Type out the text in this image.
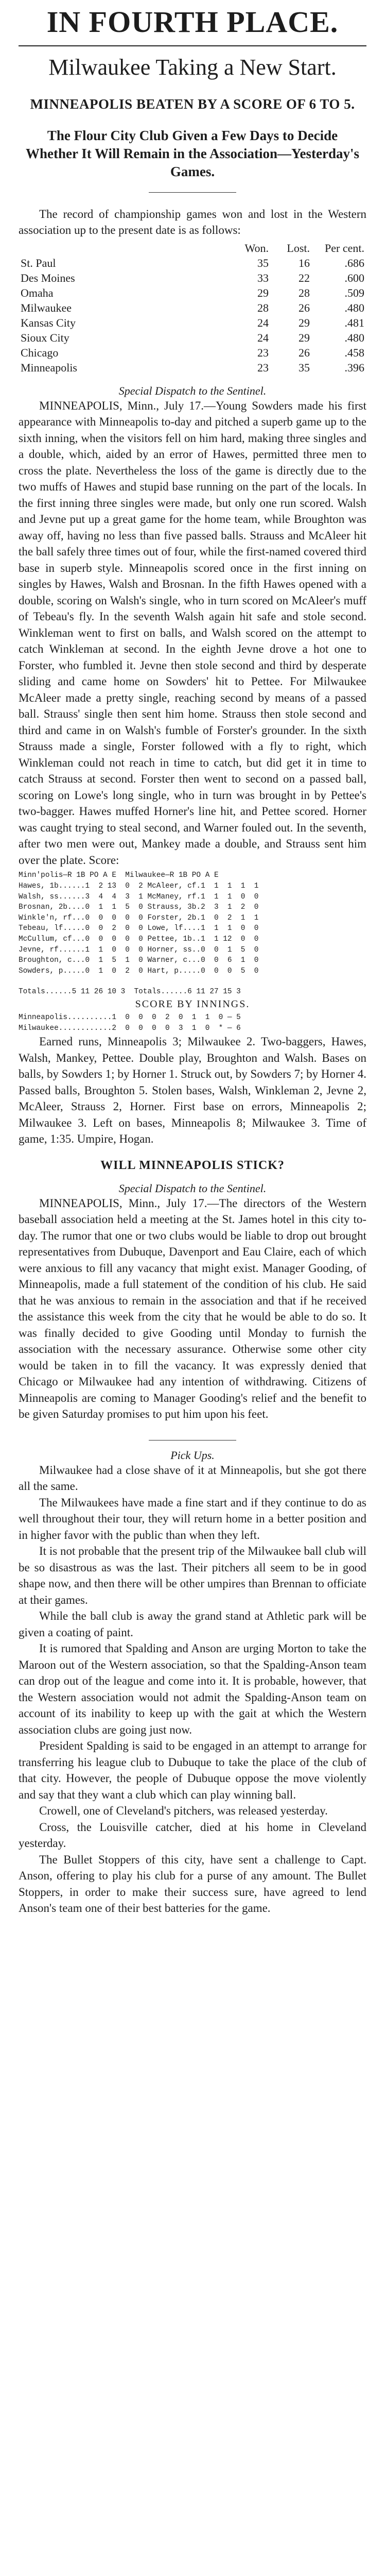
IN FOURTH PLACE.
Milwaukee Taking a New Start.
MINNEAPOLIS BEATEN BY A SCORE OF 6 TO 5.
The Flour City Club Given a Few Days to Decide Whether It Will Remain in the Association—Yesterday's Games.

The record of championship games won and lost in the Western association up to the present date is as follows:

	Won.	Lost.	Per cent.
St. Paul	35	16	.686
Des Moines	33	22	.600
Omaha	29	28	.509
Milwaukee	28	26	.480
Kansas City	24	29	.481
Sioux City	24	29	.480
Chicago	23	26	.458
Minneapolis	23	35	.396
Special Dispatch to the Sentinel.

MINNEAPOLIS, Minn., July 17.—Young Sowders made his first appearance with Minneapolis to-day and pitched a superb game up to the sixth inning, when the visitors fell on him hard, making three singles and a double, which, aided by an error of Hawes, permitted three men to cross the plate. Nevertheless the loss of the game is directly due to the two muffs of Hawes and stupid base running on the part of the locals. In the first inning three singles were made, but only one run scored. Walsh and Jevne put up a great game for the home team, while Broughton was away off, having no less than five passed balls. Strauss and McAleer hit the ball safely three times out of four, while the first-named covered third base in superb style. Minneapolis scored once in the first inning on singles by Hawes, Walsh and Brosnan. In the fifth Hawes opened with a double, scoring on Walsh's single, who in turn scored on McAleer's muff of Tebeau's fly. In the seventh Walsh again hit safe and stole second. Winkleman went to first on balls, and Walsh scored on the attempt to catch Winkleman at second. In the eighth Jevne drove a hot one to Forster, who fumbled it. Jevne then stole second and third by desperate sliding and came home on Sowders' hit to Pettee. For Milwaukee McAleer made a pretty single, reaching second by means of a passed ball. Strauss' single then sent him home. Strauss then stole second and third and came in on Walsh's fumble of Forster's grounder. In the sixth Strauss made a single, Forster followed with a fly to right, which Winkleman could not reach in time to catch, but did get it in time to catch Strauss at second. Forster then went to second on a passed ball, scoring on Lowe's long single, who in turn was brought in by Pettee's two-bagger. Hawes muffed Horner's line hit, and Pettee scored. Horner was caught trying to steal second, and Warner fouled out. In the seventh, after two men were out, Mankey made a double, and Strauss sent him over the plate. Score:

Minn'polis—R 1B PO A E  Milwaukee—R 1B PO A E
Hawes, 1b......1  2 13  0  2 McAleer, cf.1  1  1  1  1
Walsh, ss......3  4  4  3  1 McManey, rf.1  1  1  0  0
Brosnan, 2b....0  1  1  5  0 Strauss, 3b.2  3  1  2  0
Winkle'n, rf...0  0  0  0  0 Forster, 2b.1  0  2  1  1
Tebeau, lf.....0  0  2  0  0 Lowe, lf....1  1  1  0  0
McCullum, cf...0  0  0  0  0 Pettee, 1b..1  1 12  0  0
Jevne, rf......1  1  0  0  0 Horner, ss..0  0  1  5  0
Broughton, c...0  1  5  1  0 Warner, c...0  0  6  1  0
Sowders, p.....0  1  0  2  0 Hart, p.....0  0  0  5  0
Totals......5 11 26 10 3  Totals......6 11 27 15 3
SCORE BY INNINGS.
Minneapolis..........1  0  0  0  2  0  1  1  0 — 5
Milwaukee............2  0  0  0  0  3  1  0  * — 6

Earned runs, Minneapolis 3; Milwaukee 2. Two-baggers, Hawes, Walsh, Mankey, Pettee. Double play, Broughton and Walsh. Bases on balls, by Sowders 1; by Horner 1. Struck out, by Sowders 7; by Horner 4. Passed balls, Broughton 5. Stolen bases, Walsh, Winkleman 2, Jevne 2, McAleer, Strauss 2, Horner. First base on errors, Minneapolis 2; Milwaukee 3. Left on bases, Minneapolis 8; Milwaukee 3. Time of game, 1:35. Umpire, Hogan.

WILL MINNEAPOLIS STICK?
Special Dispatch to the Sentinel.

MINNEAPOLIS, Minn., July 17.—The directors of the Western baseball association held a meeting at the St. James hotel in this city to-day. The rumor that one or two clubs would be liable to drop out brought representatives from Dubuque, Davenport and Eau Claire, each of which were anxious to fill any vacancy that might exist. Manager Gooding, of Minneapolis, made a full statement of the condition of his club. He said that he was anxious to remain in the association and that if he received the assistance this week from the city that he would be able to do so. It was finally decided to give Gooding until Monday to furnish the association with the necessary assurance. Otherwise some other city would be taken in to fill the vacancy. It was expressly denied that Chicago or Milwaukee had any intention of withdrawing. Citizens of Minneapolis are coming to Manager Gooding's relief and the benefit to be given Saturday promises to put him upon his feet.

Pick Ups.

Milwaukee had a close shave of it at Minneapolis, but she got there all the same.

The Milwaukees have made a fine start and if they continue to do as well throughout their tour, they will return home in a better position and in higher favor with the public than when they left.

It is not probable that the present trip of the Milwaukee ball club will be so disastrous as was the last. Their pitchers all seem to be in good shape now, and then there will be other umpires than Brennan to officiate at their games.

While the ball club is away the grand stand at Athletic park will be given a coating of paint.

It is rumored that Spalding and Anson are urging Morton to take the Maroon out of the Western association, so that the Spalding-Anson team can drop out of the league and come into it. It is probable, however, that the Western association would not admit the Spalding-Anson team on account of its inability to keep up with the gait at which the Western association clubs are going just now.

President Spalding is said to be engaged in an attempt to arrange for transferring his league club to Dubuque to take the place of the club of that city. However, the people of Dubuque oppose the move violently and say that they want a club which can play winning ball.

Crowell, one of Cleveland's pitchers, was released yesterday.

Cross, the Louisville catcher, died at his home in Cleveland yesterday.

The Bullet Stoppers of this city, have sent a challenge to Capt. Anson, offering to play his club for a purse of any amount. The Bullet Stoppers, in order to make their success sure, have agreed to lend Anson's team one of their best batteries for the game.
